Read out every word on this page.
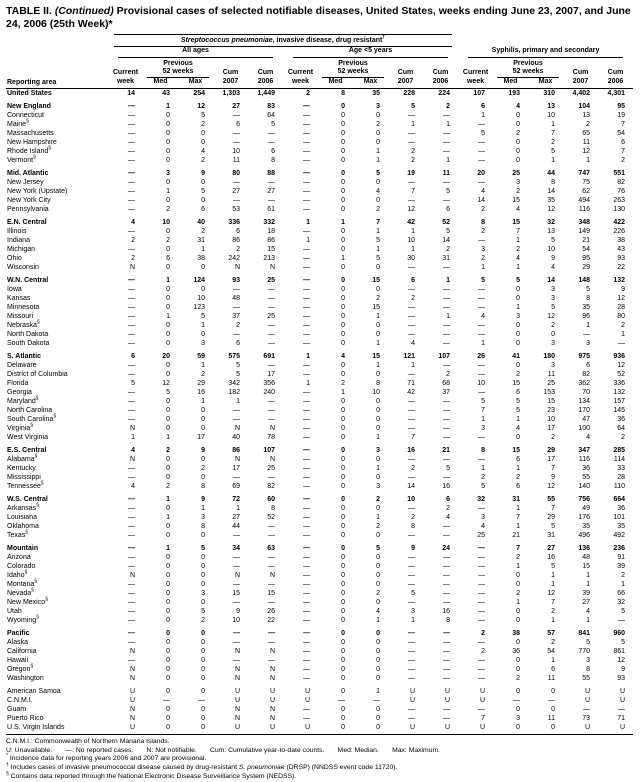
TABLE II. (Continued) Provisional cases of selected notifiable diseases, United States, weeks ending June 23, 2007, and June 24, 2006 (25th Week)*
Reporting area	Streptococcus pneumoniae, invasive disease, drug resistant†

	All ages					Age <5 years					Syphilis, primary and secondary				

		Previous					Previous					Previous			
	Current	52 weeks		Cum	Cum	Current	52 weeks		Cum	Cum	Current	52 weeks		Cum	Cum
	week	Med	Max	2007	2006	week	Med	Max	2007	2006	week	Med	Max	2007	2006
United States	14	43	254	1,303	1,449	2	8	35	228	224	107	193	310	4,402	4,301
New England	—	1	12	27	83	—	0	3	5	2	6	4	13	104	95
Connecticut	—	0	5	—	64	—	0	0	—	—	1	0	10	13	19
Maine§	—	0	2	6	5	—	0	2	1	1	—	0	1	2	7
Massachusetts	—	0	0	—	—	—	0	0	—	—	5	2	7	65	54
New Hampshire	—	0	0	—	—	—	0	0	—	—	—	0	2	11	6
Rhode Island§	—	0	4	10	6	—	0	1	2	—	—	0	5	12	7
Vermont§	—	0	2	11	8	—	0	1	2	1	—	0	1	1	2
Mid. Atlantic	—	3	9	80	88	—	0	5	19	11	20	25	44	747	551
New Jersey	—	0	0	—	—	—	0	0	—	—	—	3	8	75	82
New York (Upstate)	—	1	5	27	27	—	0	4	7	5	4	2	14	62	76
New York City	—	0	0	—	—	—	0	0	—	—	14	15	35	494	263
Pennsylvania	—	2	6	53	61	—	0	2	12	6	2	4	12	116	130
E.N. Central	4	10	40	336	332	1	1	7	42	52	8	15	32	348	422
Illinois	—	0	2	6	18	—	0	1	1	5	2	7	13	149	226
Indiana	2	2	31	86	86	1	0	5	10	14	—	1	5	21	38
Michigan	—	0	1	2	15	—	0	1	1	2	3	2	10	54	43
Ohio	2	6	38	242	213	—	1	5	30	31	2	4	9	95	93
Wisconsin	N	0	0	N	N	—	0	0	—	—	1	1	4	29	22
W.N. Central	—	1	124	93	25	—	0	15	6	1	5	5	14	148	132
Iowa	—	0	0	—	—	—	0	0	—	—	—	0	3	5	9
Kansas	—	0	10	48	—	—	0	2	2	—	—	0	3	8	12
Minnesota	—	0	123	—	—	—	0	15	—	—	—	1	5	35	28
Missouri	—	1	5	37	25	—	0	1	—	1	4	3	12	96	80
Nebraska§	—	0	1	2	—	—	0	0	—	—	—	0	2	1	2
North Dakota	—	0	0	—	—	—	0	0	—	—	—	0	0	—	1
South Dakota	—	0	3	6	—	—	0	1	4	—	1	0	3	3	—
S. Atlantic	6	20	59	575	691	1	4	15	121	107	26	41	180	975	936
Delaware	—	0	1	5	—	—	0	1	1	—	—	0	3	6	12
District of Columbia	—	0	2	5	17	—	0	0	—	2	—	2	11	82	52
Florida	5	12	29	342	356	1	2	8	71	68	10	15	25	362	336
Georgia	—	5	16	182	240	—	1	10	42	37	—	6	153	70	132
Maryland§	—	0	1	1	—	—	0	0	—	—	5	5	15	134	157
North Carolina	—	0	0	—	—	—	0	0	—	—	7	5	23	170	145
South Carolina§	—	0	0	—	—	—	0	0	—	—	1	1	10	47	36
Virginia§	N	0	0	N	N	—	0	0	—	—	3	4	17	100	64
West Virginia	1	1	17	40	78	—	0	1	7	—	—	0	2	4	2
E.S. Central	4	2	9	86	107	—	0	3	16	21	8	15	29	347	285
Alabama§	N	0	0	N	N	—	0	0	—	—	—	6	17	116	114
Kentucky	—	0	2	17	25	—	0	1	2	5	1	1	7	36	33
Mississippi	—	0	0	—	—	—	0	0	—	—	2	2	9	55	28
Tennessee§	4	2	8	69	82	—	0	3	14	16	5	6	12	140	110
W.S. Central	—	1	9	72	60	—	0	2	10	6	32	31	55	756	664
Arkansas§	—	0	1	1	8	—	0	0	—	2	—	1	7	49	36
Louisiana	—	1	3	27	52	—	0	1	2	4	3	7	29	176	101
Oklahoma	—	0	8	44	—	—	0	2	8	—	4	1	5	35	35
Texas§	—	0	0	—	—	—	0	0	—	—	25	21	31	496	492
Mountain	—	1	5	34	63	—	0	5	9	24	—	7	27	136	236
Arizona	—	0	0	—	—	—	0	0	—	—	—	2	16	48	91
Colorado	—	0	0	—	—	—	0	0	—	—	—	1	5	15	39
Idaho§	N	0	0	N	N	—	0	0	—	—	—	0	1	1	2
Montana§	—	0	0	—	—	—	0	0	—	—	—	0	1	1	1
Nevada§	—	0	3	15	15	—	0	2	5	—	—	2	12	39	66
New Mexico§	—	0	0	—	—	—	0	0	—	—	—	1	7	27	32
Utah	—	0	5	9	26	—	0	4	3	16	—	0	2	4	5
Wyoming§	—	0	2	10	22	—	0	1	1	8	—	0	1	1	—
Pacific	—	0	0	—	—	—	0	0	—	—	2	38	57	841	960
Alaska	—	0	0	—	—	—	0	0	—	—	—	0	2	5	5
California	N	0	0	N	N	—	0	0	—	—	2	36	54	770	861
Hawaii	—	0	0	—	—	—	0	0	—	—	—	0	1	3	12
Oregon§	N	0	0	N	N	—	0	0	—	—	—	0	6	8	9
Washington	N	0	0	N	N	—	0	0	—	—	—	2	11	55	93
American Samoa	U	0	0	U	U	U	0	1	U	U	U	0	0	U	U
C.N.M.I.	U	—	—	U	U	U	—	—	U	U	U	—	—	U	U
Guam	N	0	0	N	N	—	0	0	—	—	—	0	0	—	—
Puerto Rico	N	0	0	N	N	—	0	0	—	—	7	3	11	73	71
U.S. Virgin Islands	U	0	0	U	U	U	0	0	U	U	U	0	0	U	U
C.N.M.I.: Commonwealth of Northern Mariana Islands.
U: Unavailable.       —: No reported cases.       N: Not notifiable.       Cum: Cumulative year-to-date counts.       Med: Median.       Max: Maximum.
* Incidence data for reporting years 2006 and 2007 are provisional.
† Includes cases of invasive pneumococcal disease caused by drug-resistant S. pneumoniae (DRSP) (NNDSS event code 11720).
§ Contains data reported through the National Electronic Disease Surveillance System (NEDSS).
